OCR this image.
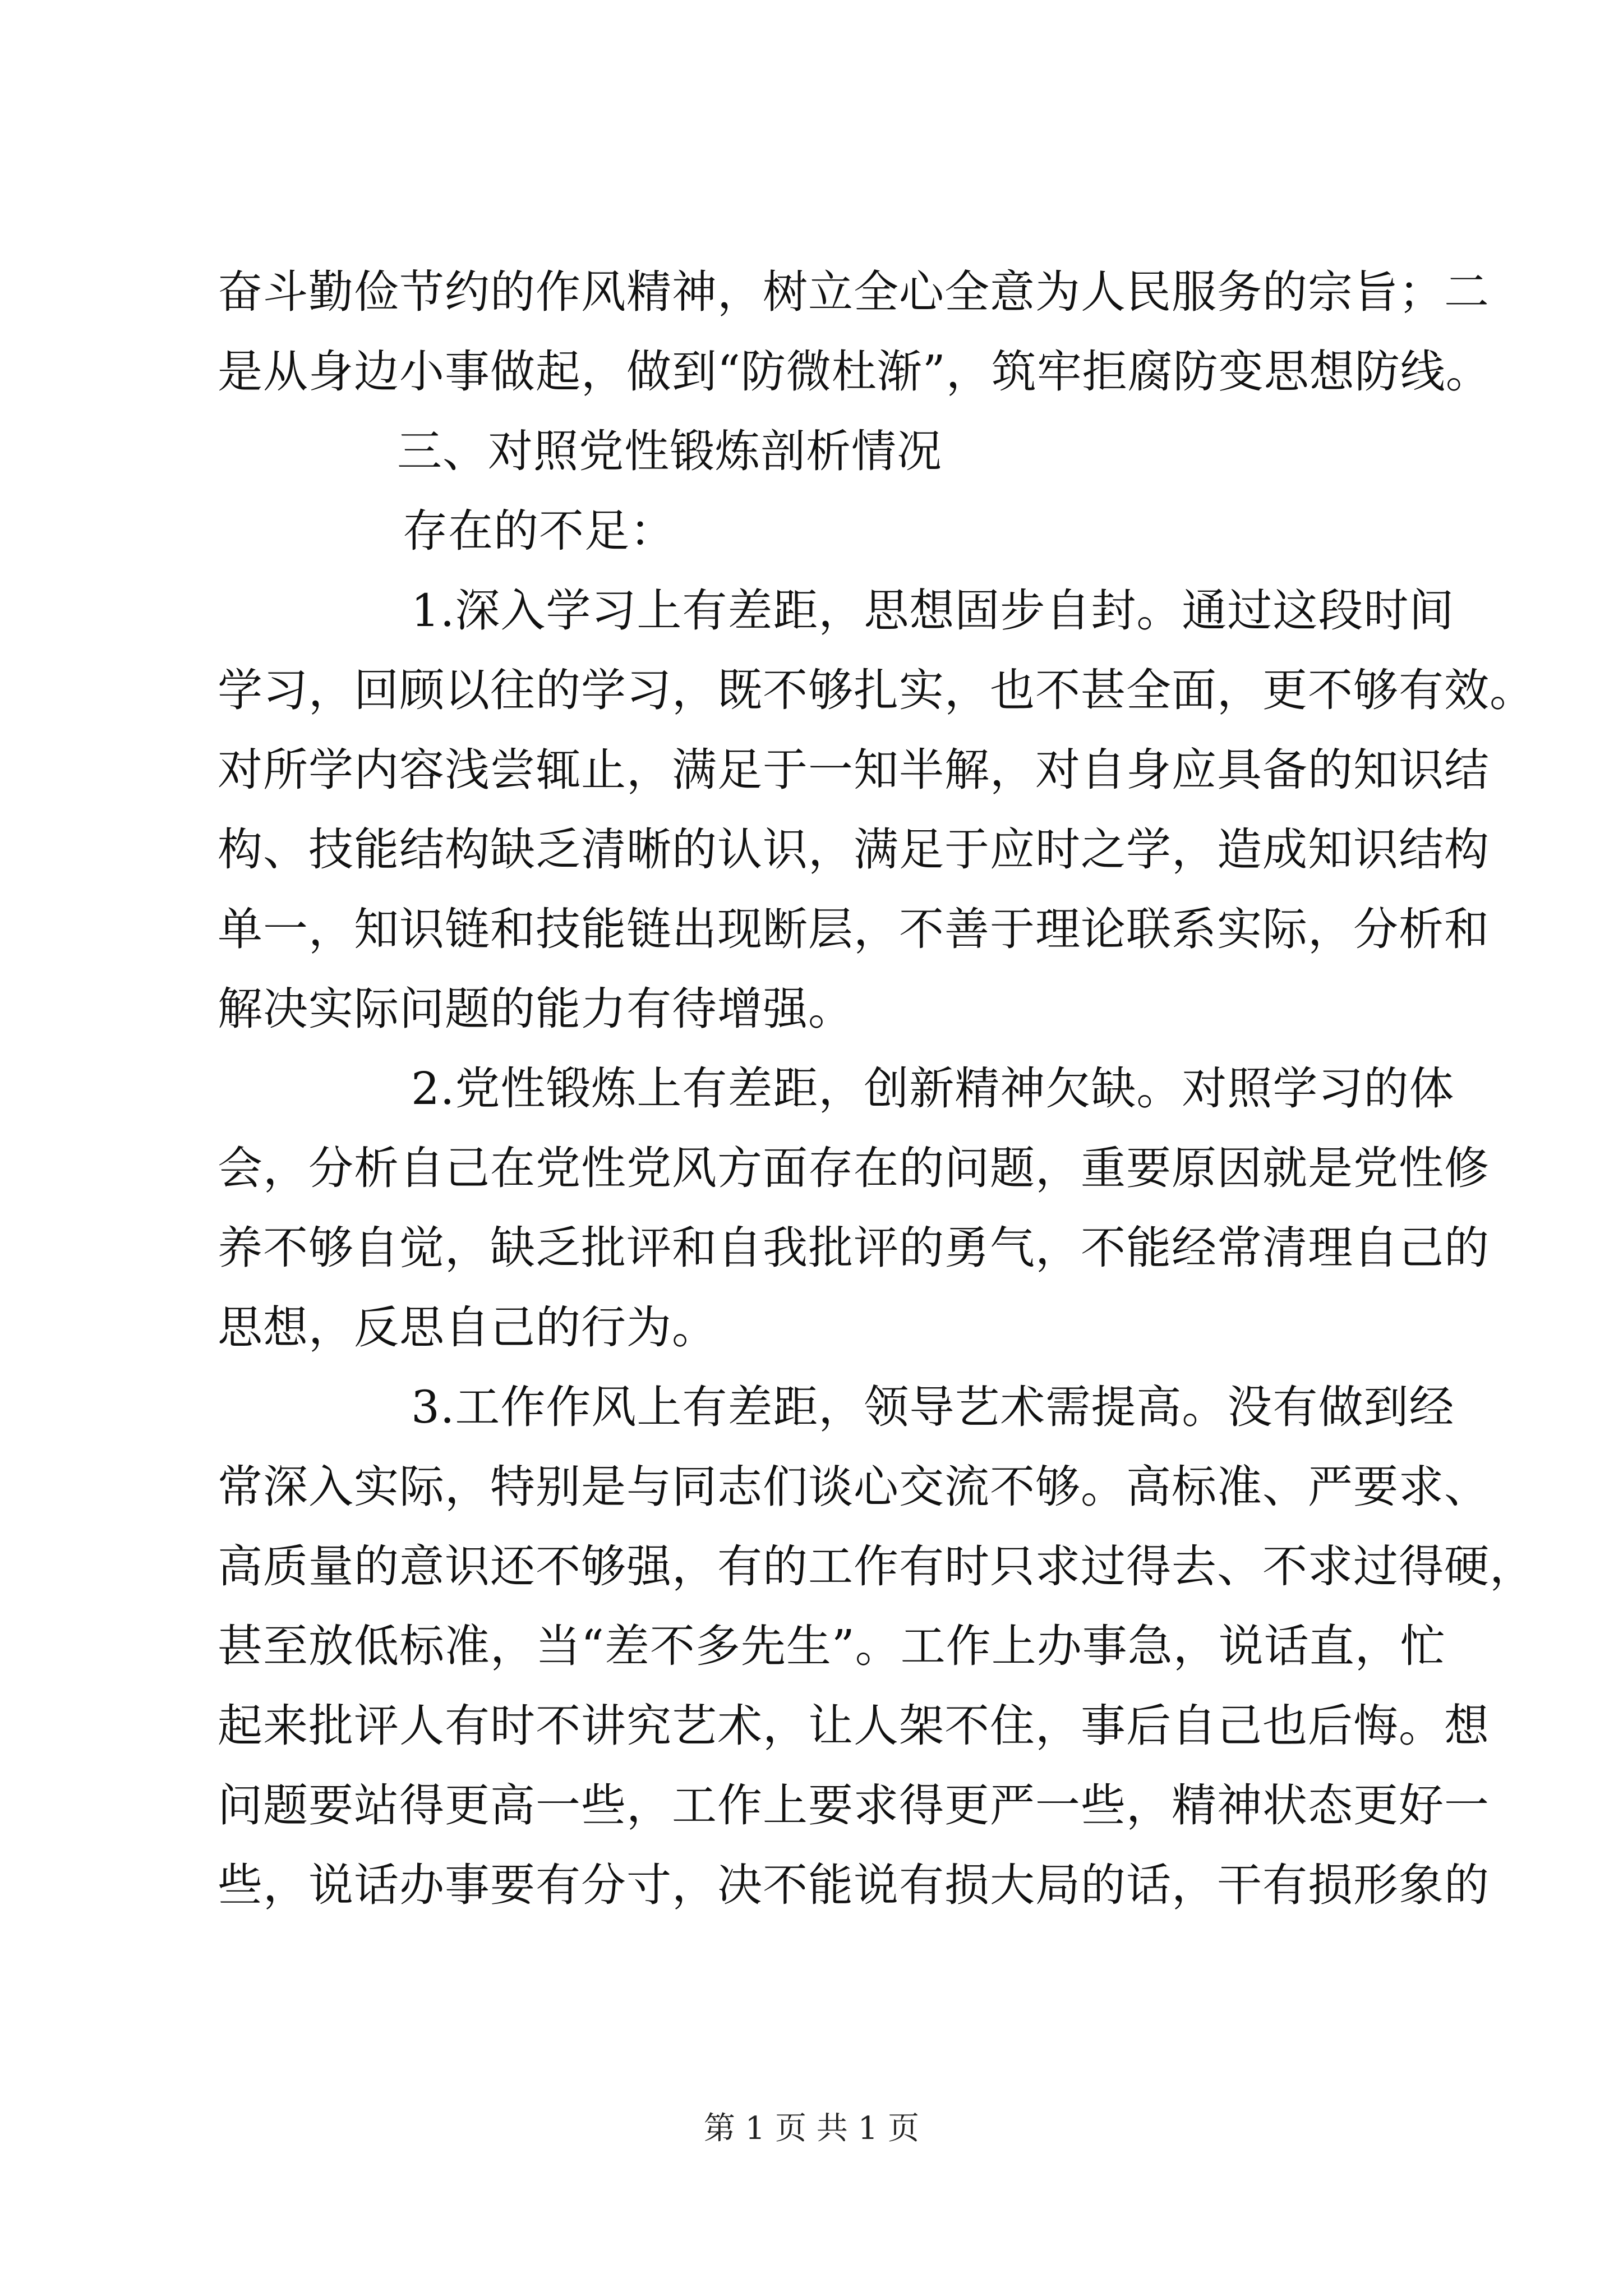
奋斗勤俭节约的作风精神，树立全心全意为人民服务的宗旨；二
是从身边小事做起，做到“防微杜渐”，筑牢拒腐防变思想防线。
三、对照党性锻炼剖析情况
存在的不足：
1.深入学习上有差距，思想固步自封。通过这段时间
学习，回顾以往的学习，既不够扎实，也不甚全面，更不够有效。
对所学内容浅尝辄止，满足于一知半解，对自身应具备的知识结
构、技能结构缺乏清晰的认识，满足于应时之学，造成知识结构
单一，知识链和技能链出现断层，不善于理论联系实际，分析和
解决实际问题的能力有待增强。
2.党性锻炼上有差距，创新精神欠缺。对照学习的体
会，分析自己在党性党风方面存在的问题，重要原因就是党性修
养不够自觉，缺乏批评和自我批评的勇气，不能经常清理自己的
思想，反思自己的行为。
3.工作作风上有差距，领导艺术需提高。没有做到经
常深入实际，特别是与同志们谈心交流不够。高标准、严要求、
高质量的意识还不够强，有的工作有时只求过得去、不求过得硬，
甚至放低标准，当“差不多先生”。工作上办事急，说话直，忙
起来批评人有时不讲究艺术，让人架不住，事后自己也后悔。想
问题要站得更高一些，工作上要求得更严一些，精神状态更好一
些，说话办事要有分寸，决不能说有损大局的话，干有损形象的
第 1 页 共 1 页
